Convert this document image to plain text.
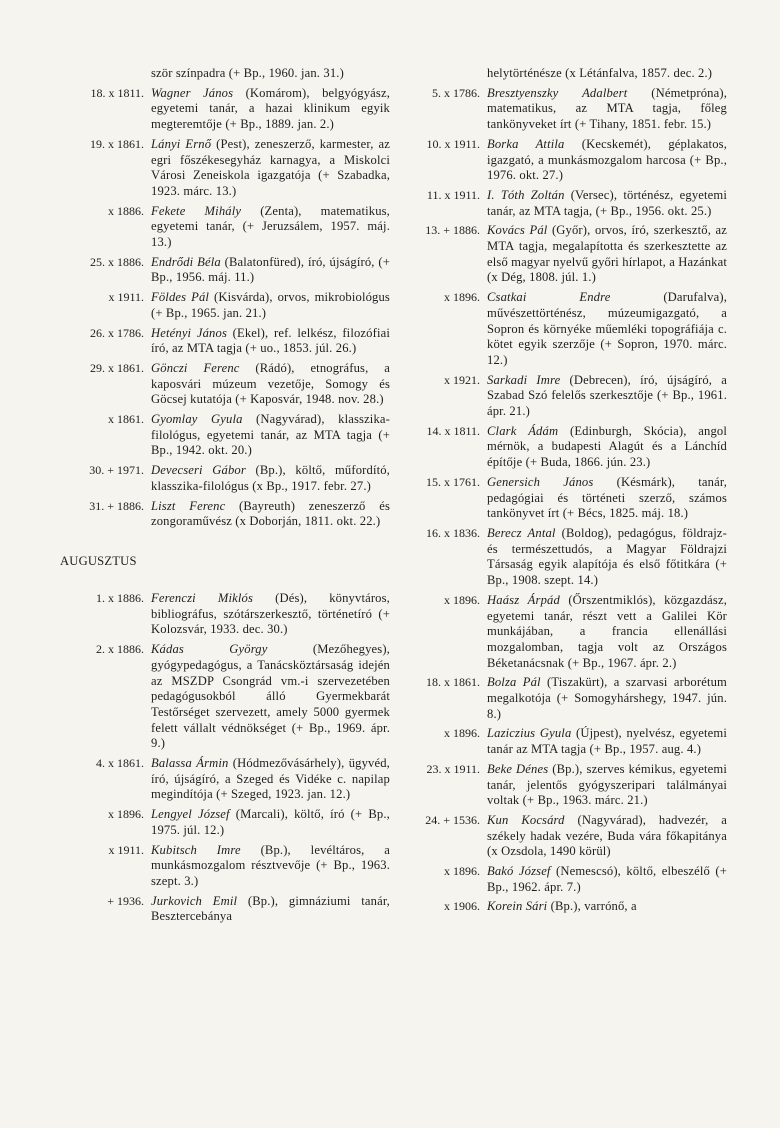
ször színpadra (+ Bp., 1960. jan. 31.)
18. x 1811. Wagner János (Komárom), belgyógyász, egyetemi tanár, a hazai klinikum egyik megteremtője (+ Bp., 1889. jan. 2.)
19. x 1861. Lányi Ernő (Pest), zeneszerző, karmester, az egri főszékesegyház karnagya, a Miskolci Városi Zeneiskola igazgatója (+ Szabadka, 1923. márc. 13.)
x 1886. Fekete Mihály (Zenta), matematikus, egyetemi tanár, (+ Jeruzsálem, 1957. máj. 13.)
25. x 1886. Endrődi Béla (Balatonfüred), író, újságíró, (+ Bp., 1956. máj. 11.)
x 1911. Földes Pál (Kisvárda), orvos, mikrobiológus (+ Bp., 1965. jan. 21.)
26. x 1786. Hetényi János (Ekel), ref. lelkész, filozófiai író, az MTA tagja (+ uo., 1853. júl. 26.)
29. x 1861. Gönczi Ferenc (Rádó), etnográfus, a kaposvári múzeum vezetője, Somogy és Göcsej kutatója (+ Kaposvár, 1948. nov. 28.)
x 1861. Gyomlay Gyula (Nagyvárad), klasszika-filológus, egyetemi tanár, az MTA tagja (+ Bp., 1942. okt. 20.)
30. + 1971. Devecseri Gábor (Bp.), költő, műfordító, klasszika-filológus (x Bp., 1917. febr. 27.)
31. + 1886. Liszt Ferenc (Bayreuth) zeneszerző és zongoraművész (x Doborján, 1811. okt. 22.)
AUGUSZTUS
1. x 1886. Ferenczi Miklós (Dés), könyvtáros, bibliográfus, szótárszerkesztő, történetíró (+ Kolozsvár, 1933. dec. 30.)
2. x 1886. Kádas György (Mezőhegyes), gyógypedagógus, a Tanácsköztársaság idején az MSZDP Csongrád vm.-i szervezetében pedagógusokból álló Gyermekbarát Testőrséget szervezett, amely 5000 gyermek felett vállalt védnökséget (+ Bp., 1969. ápr. 9.)
4. x 1861. Balassa Ármin (Hódmezővásárhely), ügyvéd, író, újságíró, a Szeged és Vidéke c. napilap megindítója (+ Szeged, 1923. jan. 12.)
x 1896. Lengyel József (Marcali), költő, író (+ Bp., 1975. júl. 12.)
x 1911. Kubitsch Imre (Bp.), levéltáros, a munkásmozgalom résztvevője (+ Bp., 1963. szept. 3.)
+ 1936. Jurkovich Emil (Bp.), gimnáziumi tanár, Besztercebánya
helytörténésze (x Létánfalva, 1857. dec. 2.)
5. x 1786. Bresztyenszky Adalbert (Németpróna), matematikus, az MTA tagja, főleg tankönyveket írt (+ Tihany, 1851. febr. 15.)
10. x 1911. Borka Attila (Kecskemét), géplakatos, igazgató, a munkásmozgalom harcosa (+ Bp., 1976. okt. 27.)
11. x 1911. I. Tóth Zoltán (Versec), történész, egyetemi tanár, az MTA tagja, (+ Bp., 1956. okt. 25.)
13. + 1886. Kovács Pál (Győr), orvos, író, szerkesztő, az MTA tagja, megalapította és szerkesztette az első magyar nyelvű győri hírlapot, a Hazánkat (x Dég, 1808. júl. 1.)
x 1896. Csatkai Endre (Darufalva), művészettörténész, múzeumigazgató, a Sopron és környéke műemléki topográfiája c. kötet egyik szerzője (+ Sopron, 1970. márc. 12.)
x 1921. Sarkadi Imre (Debrecen), író, újságíró, a Szabad Szó felelős szerkesztője (+ Bp., 1961. ápr. 21.)
14. x 1811. Clark Ádám (Edinburgh, Skócia), angol mérnök, a budapesti Alagút és a Lánchíd építője (+ Buda, 1866. jún. 23.)
15. x 1761. Genersich János (Késmárk), tanár, pedagógiai és történeti szerző, számos tankönyvet írt (+ Bécs, 1825. máj. 18.)
16. x 1836. Berecz Antal (Boldog), pedagógus, földrajz- és természettudós, a Magyar Földrajzi Társaság egyik alapítója és első főtitkára (+ Bp., 1908. szept. 14.)
x 1896. Haász Árpád (Őrszentmiklós), közgazdász, egyetemi tanár, részt vett a Galilei Kör munkájában, a francia ellenállási mozgalomban, tagja volt az Országos Béketanácsnak (+ Bp., 1967. ápr. 2.)
18. x 1861. Bolza Pál (Tiszakürt), a szarvasi arborétum megalkotója (+ Somogyhárshegy, 1947. jún. 8.)
x 1896. Laziczius Gyula (Újpest), nyelvész, egyetemi tanár az MTA tagja (+ Bp., 1957. aug. 4.)
23. x 1911. Beke Dénes (Bp.), szerves kémikus, egyetemi tanár, jelentős gyógyszeripari találmányai voltak (+ Bp., 1963. márc. 21.)
24. + 1536. Kun Kocsárd (Nagyvárad), hadvezér, a székely hadak vezére, Buda vára főkapitánya (x Ozsdola, 1490 körül)
x 1896. Bakó József (Nemescsó), költő, elbeszélő (+ Bp., 1962. ápr. 7.)
x 1906. Korein Sári (Bp.), varrónő, a
